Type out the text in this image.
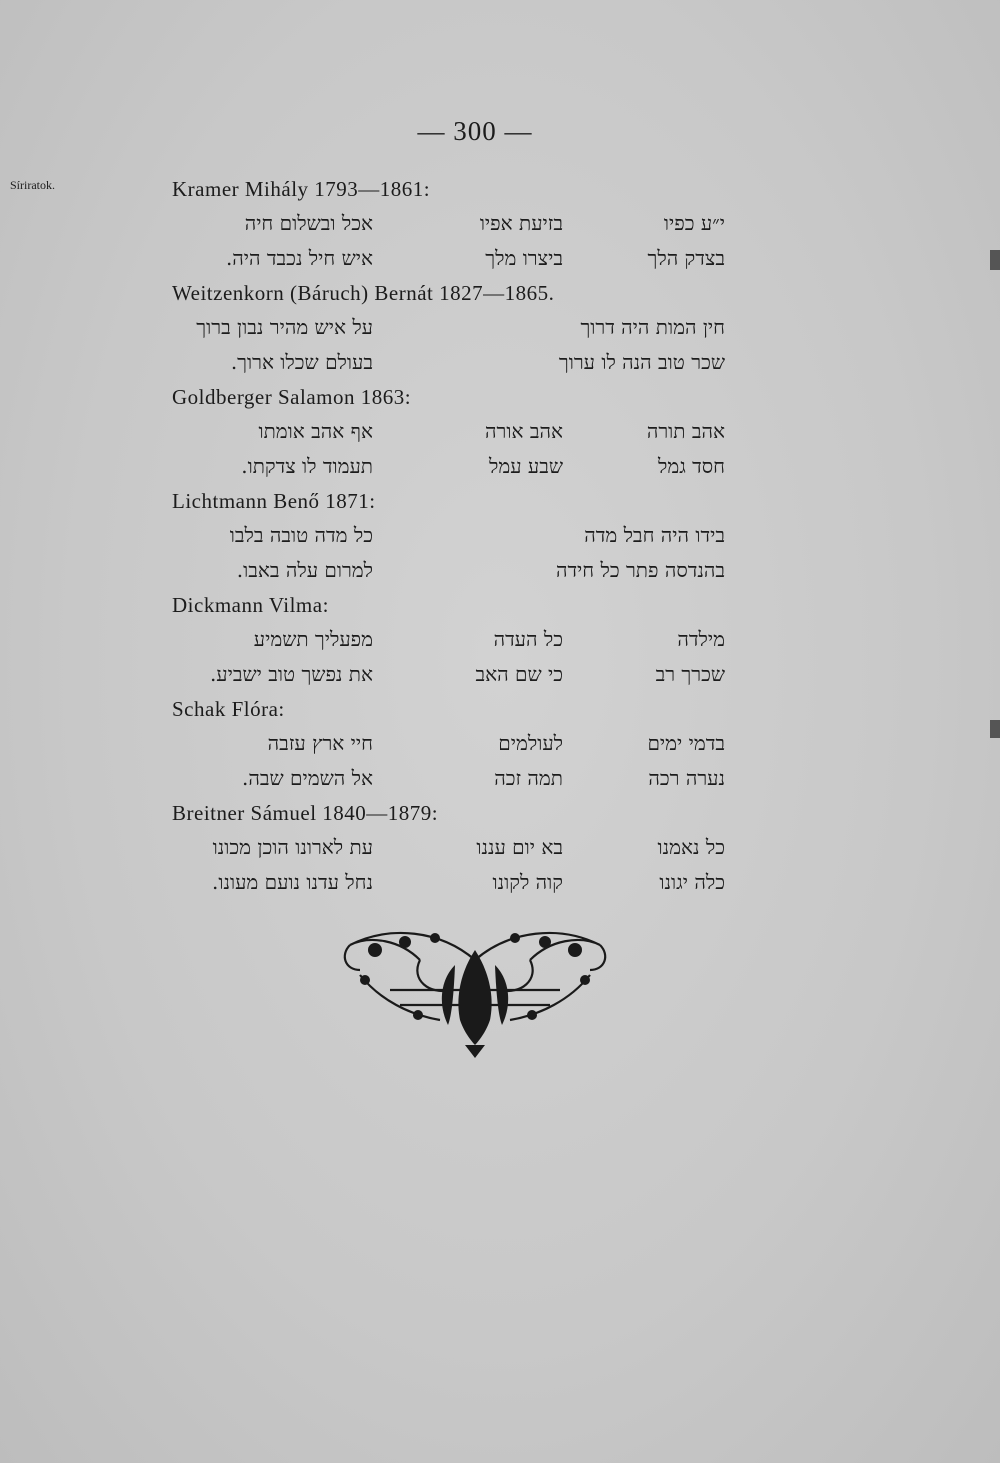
— 300 —
Síriratok.	Kramer Mihály 1793—1861:
י״ע כפיו
בזיעת אפיו
אכל ובשלום חיה
בצדק הלך
ביצרו מלך
איש חיל נכבד היה.
Weitzenkorn (Báruch) Bernát 1827—1865.
חין המות היה דרוך
על איש מהיר נבון ברוך
שכר טוב הנה לו ערוך
בעולם שכלו ארוך.
Goldberger Salamon 1863:
אהב תורה
אהב אורה
אף אהב אומתו
חסד גמל
שבע עמל
תעמוד לו צדקתו.
Lichtmann Benő 1871:
בידו היה חבל מדה
כל מדה טובה בלבו
בהנדסה פתר כל חידה
למרום עלה באבו.
Dickmann Vilma:
מילדה
כל העדה
מפעליך תשמיע
שכרך רב
כי שם האב
את נפשך טוב ישביע.
Schak Flóra:
בדמי ימים
לעולמים
חיי ארץ עזבה
נערה רכה
תמה זכה
אל השמים שבה.
Breitner Sámuel 1840—1879:
כל נאמנו
בא יום עננו
עת לארונו הוכן מכונו
כלה יגונו
קוה לקונו
נחל עדנו נועם מעונו.
